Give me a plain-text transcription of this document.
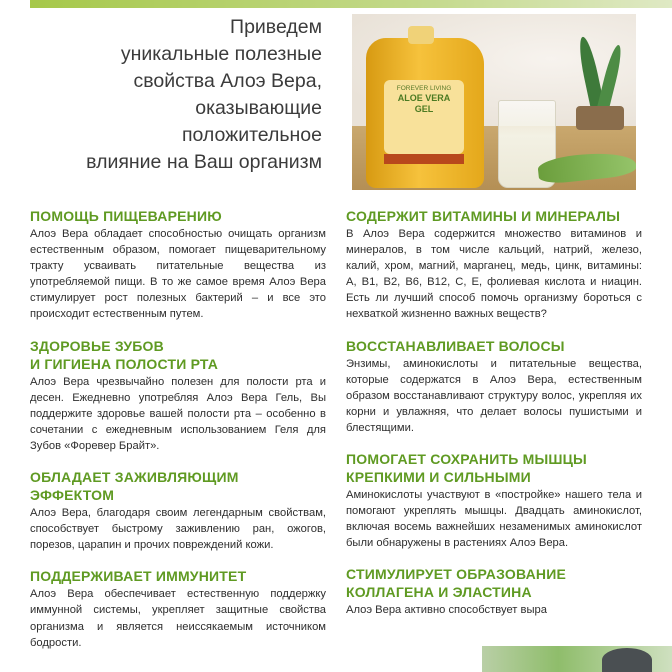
Приведем
уникальные полезные
свойства Алоэ Вера,
оказывающие
положительное
влияние на Ваш организм
FOREVER LIVING
ALOE VERA
GEL
ПОМОЩЬ ПИЩЕВАРЕНИЮ

Алоэ Вера обладает способностью очищать организм естественным образом, помогает пищеварительному тракту усваивать питательные вещества из употребляемой пищи. В то же самое время Алоэ Вера стимулирует рост полезных бактерий – и все это происходит естественным путем.

ЗДОРОВЬЕ ЗУБОВ
И ГИГИЕНА ПОЛОСТИ РТА

Алоэ Вера чрезвычайно полезен для полости рта и десен. Ежедневно употребляя Алоэ Вера Гель, Вы поддержите здоровье вашей полости рта – особенно в сочетании с ежедневным использованием Геля для Зубов «Форевер Брайт».

ОБЛАДАЕТ ЗАЖИВЛЯЮЩИМ ЭФФЕКТОМ

Алоэ Вера, благодаря своим легендарным свойствам, способствует быстрому заживлению ран, ожогов, порезов, царапин и прочих повреждений кожи.

ПОДДЕРЖИВАЕТ ИММУНИТЕТ

Алоэ Вера обеспечивает естественную поддержку иммунной системы, укрепляет защитные свойства организма и является неиссякаемым источником бодрости.

СОДЕРЖИТ ВИТАМИНЫ И МИНЕРАЛЫ

В Алоэ Вера содержится множество витаминов и минералов, в том числе кальций, натрий, железо, калий, хром, магний, марганец, медь, цинк, витамины: А, В1, В2, В6, В12, С, Е, фолиевая кислота и ниацин. Есть ли лучший способ помочь организму бороться с нехваткой жизненно важных веществ?

ВОССТАНАВЛИВАЕТ ВОЛОСЫ

Энзимы, аминокислоты и питательные вещества, которые содержатся в Алоэ Вера, естественным образом восстанавливают структуру волос, укрепляя их корни и увлажняя, что делает волосы пушистыми и блестящими.

ПОМОГАЕТ СОХРАНИТЬ МЫШЦЫ
КРЕПКИМИ И СИЛЬНЫМИ

Аминокислоты участвуют в «постройке» нашего тела и помогают укреплять мышцы. Двадцать аминокислот, включая восемь важнейших незаменимых аминокислот были обнаружены в растениях Алоэ Вера.

СТИМУЛИРУЕТ ОБРАЗОВАНИЕ
КОЛЛАГЕНА И ЭЛАСТИНА

Алоэ Вера активно способствует выра
